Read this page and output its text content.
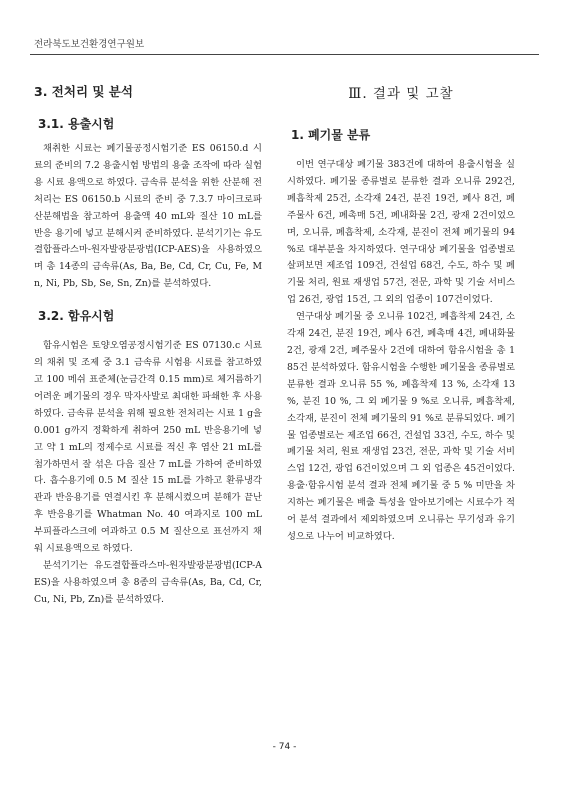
전라북도보건환경연구원보
3. 전처리 및 분석
3.1. 용출시험

채취한 시료는 폐기물공정시험기준 ES 06150.d 시료의 준비의 7.2 용출시험 방법의 용출 조작에 따라 실험용 시료 용액으로 하였다. 금속류 분석을 위한 산분해 전처리는 ES 06150.b 시료의 준비 중 7.3.7 마이크로파 산분해법을 참고하여 용출액 40 mL와 질산 10 mL를 반응 용기에 넣고 분해시켜 준비하였다. 분석기기는 유도결합플라스마-원자발광분광법(ICP-AES)을 사용하였으며 총 14종의 금속류(As, Ba, Be, Cd, Cr, Cu, Fe, Mn, Ni, Pb, Sb, Se, Sn, Zn)를 분석하였다.

3.2. 함유시험

함유시험은 토양오염공정시험기준 ES 07130.c 시료의 채취 및 조제 중 3.1 금속류 시험용 시료를 참고하였고 100 메쉬 표준체(눈금간격 0.15 mm)로 체거름하기 어려운 폐기물의 경우 막자사발로 최대한 파쇄한 후 사용하였다. 금속류 분석을 위해 필요한 전처리는 시료 1 g을 0.001 g까지 정확하게 취하여 250 mL 반응용기에 넣고 약 1 mL의 정제수로 시료를 적신 후 염산 21 mL를 첨가하면서 잘 섞은 다음 질산 7 mL를 가하여 준비하였다. 흡수용기에 0.5 M 질산 15 mL를 가하고 환류냉각관과 반응용기를 연결시킨 후 분해시켰으며 분해가 끝난 후 반응용기를 Whatman No. 40 여과지로 100 mL 부피플라스크에 여과하고 0.5 M 질산으로 표선까지 채워 시료용액으로 하였다.

분석기기는 유도결합플라스마-원자발광분광법(ICP-AES)을 사용하였으며 총 8종의 금속류(As, Ba, Cd, Cr, Cu, Ni, Pb, Zn)를 분석하였다.

Ⅲ. 결과 및 고찰
1. 폐기물 분류

이번 연구대상 폐기물 383건에 대하여 용출시험을 실시하였다. 폐기물 종류별로 분류한 결과 오니류 292건, 폐흡착제 25건, 소각재 24건, 분진 19건, 폐사 8건, 폐주물사 6건, 폐촉매 5건, 폐내화물 2건, 광재 2건이었으며, 오니류, 폐흡착제, 소각재, 분진이 전체 폐기물의 94 %로 대부분을 차지하였다. 연구대상 폐기물을 업종별로 살펴보면 제조업 109건, 건설업 68건, 수도, 하수 및 폐기물 처리, 원료 재생업 57건, 전문, 과학 및 기술 서비스업 26건, 광업 15건, 그 외의 업종이 107건이었다.

연구대상 폐기물 중 오니류 102건, 폐흡착제 24건, 소각재 24건, 분진 19건, 폐사 6건, 폐촉매 4건, 폐내화물 2건, 광재 2건, 폐주물사 2건에 대하여 함유시험을 총 185건 분석하였다. 함유시험을 수행한 폐기물을 종류별로 분류한 결과 오니류 55 %, 폐흡착제 13 %, 소각재 13 %, 분진 10 %, 그 외 폐기물 9 %로 오니류, 폐흡착제, 소각재, 분진이 전체 폐기물의 91 %로 분류되었다. 폐기물 업종별로는 제조업 66건, 건설업 33건, 수도, 하수 및 폐기물 처리, 원료 재생업 23건, 전문, 과학 및 기술 서비스업 12건, 광업 6건이었으며 그 외 업종은 45건이었다. 용출·함유시험 분석 결과 전체 폐기물 중 5 % 미만을 차지하는 폐기물은 배출 특성을 알아보기에는 시료수가 적어 분석 결과에서 제외하였으며 오니류는 무기성과 유기성으로 나누어 비교하였다.

- 74 -
